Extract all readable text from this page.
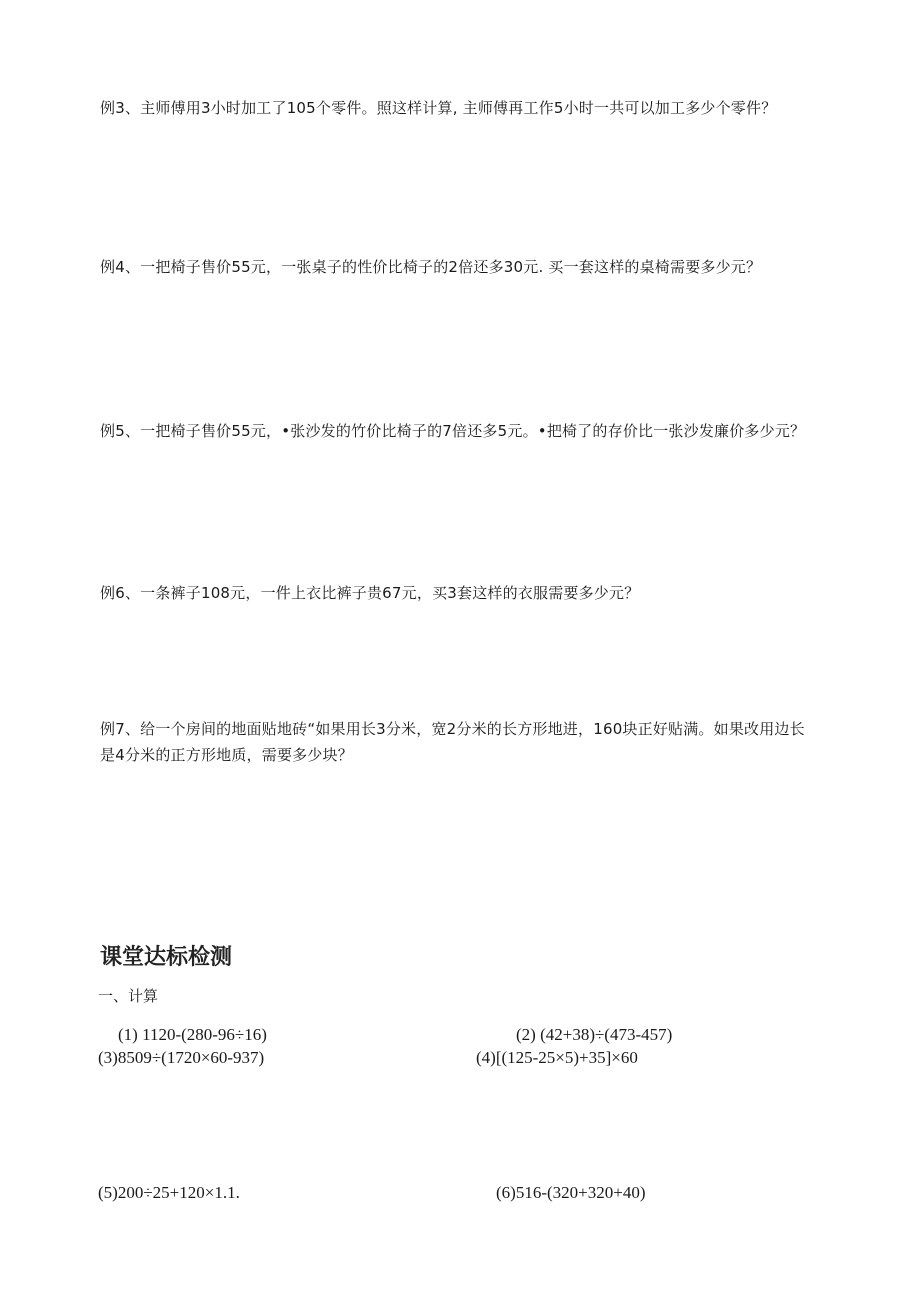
例3、主师傅用3小时加工了105个零件。照这样计算, 主师傅再工作5小时一共可以加工多少个零件？
例4、一把椅子售价55元，一张桌子的性价比椅子的2倍还多30元. 买一套这样的桌椅需要多少元？
例5、一把椅子售价55元，•张沙发的竹价比椅子的7倍还多5元。•把椅了的存价比一张沙发廉价多少元？
例6、一条裤子108元，一件上衣比裤子贵67元，买3套这样的衣服需要多少元？
例7、给一个房间的地面贴地砖“如果用长3分米，宽2分米的长方形地进，160块正好贴满。如果改用边长是4分米的正方形地质，需要多少块？
课堂达标检测
一、计算
(1) 1120-(280-96÷16)	(2) (42+38)÷(473-457)
(3)8509÷(1720×60-937)	(4)[(125-25×5)+35]×60
(5)200÷25+120×1.1.	(6)516-(320+320+40)
